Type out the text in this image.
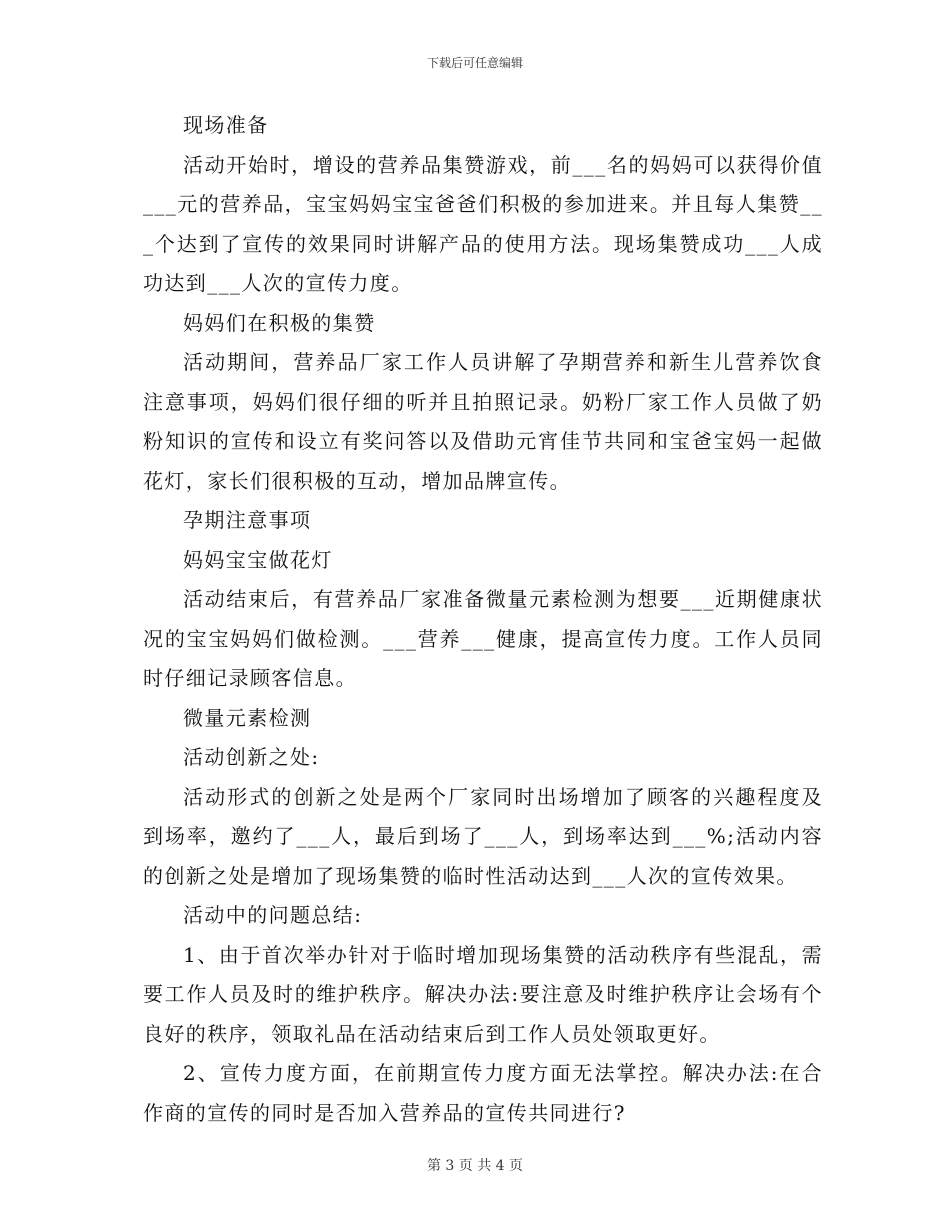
下载后可任意编辑

现场准备

活动开始时，增设的营养品集赞游戏，前___名的妈妈可以获得价值___元的营养品，宝宝妈妈宝宝爸爸们积极的参加进来。并且每人集赞___个达到了宣传的效果同时讲解产品的使用方法。现场集赞成功___人成功达到___人次的宣传力度。

妈妈们在积极的集赞

活动期间，营养品厂家工作人员讲解了孕期营养和新生儿营养饮食注意事项，妈妈们很仔细的听并且拍照记录。奶粉厂家工作人员做了奶粉知识的宣传和设立有奖问答以及借助元宵佳节共同和宝爸宝妈一起做花灯，家长们很积极的互动，增加品牌宣传。

孕期注意事项

妈妈宝宝做花灯

活动结束后，有营养品厂家准备微量元素检测为想要___近期健康状况的宝宝妈妈们做检测。___营养___健康，提高宣传力度。工作人员同时仔细记录顾客信息。

微量元素检测

活动创新之处:

活动形式的创新之处是两个厂家同时出场增加了顾客的兴趣程度及到场率，邀约了___人，最后到场了___人，到场率达到___%;活动内容的创新之处是增加了现场集赞的临时性活动达到___人次的宣传效果。

活动中的问题总结:

1、由于首次举办针对于临时增加现场集赞的活动秩序有些混乱，需要工作人员及时的维护秩序。解决办法:要注意及时维护秩序让会场有个良好的秩序，领取礼品在活动结束后到工作人员处领取更好。

2、宣传力度方面，在前期宣传力度方面无法掌控。解决办法:在合作商的宣传的同时是否加入营养品的宣传共同进行?

第 3 页 共 4 页
